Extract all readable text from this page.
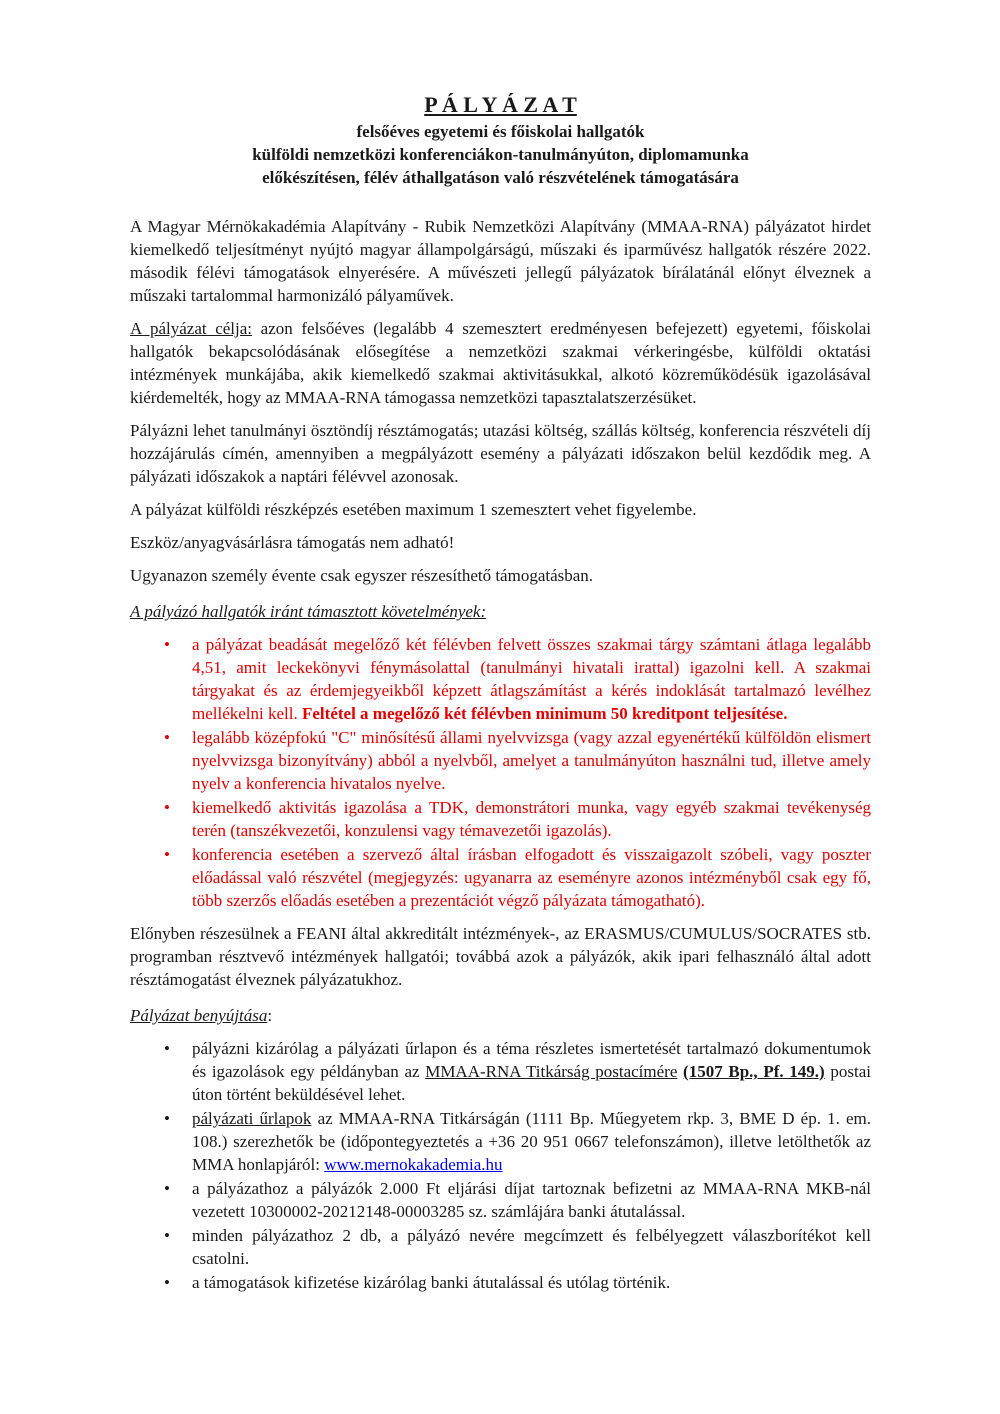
P Á L Y Á Z A T
felsőéves egyetemi és főiskolai hallgatók
külföldi nemzetközi konferenciákon-tanulmányúton, diplomamunka
előkészítésen, félév áthallgatáson való részvételének támogatására

A Magyar Mérnökakadémia Alapítvány - Rubik Nemzetközi Alapítvány (MMAA-RNA) pályázatot hirdet kiemelkedő teljesítményt nyújtó magyar állampolgárságú, műszaki és iparművész hallgatók részére 2022. második félévi támogatások elnyerésére. A művészeti jellegű pályázatok bírálatánál előnyt élveznek a műszaki tartalommal harmonizáló pályaművek.

A pályázat célja: azon felsőéves (legalább 4 szemesztert eredményesen befejezett) egyetemi, főiskolai hallgatók bekapcsolódásának elősegítése a nemzetközi szakmai vérkeringésbe, külföldi oktatási intézmények munkájába, akik kiemelkedő szakmai aktivitásukkal, alkotó közreműködésük igazolásával kiérdemelték, hogy az MMAA-RNA támogassa nemzetközi tapasztalatszerzésüket.

Pályázni lehet tanulmányi ösztöndíj résztámogatás; utazási költség, szállás költség, konferencia részvételi díj hozzájárulás címén, amennyiben a megpályázott esemény a pályázati időszakon belül kezdődik meg. A pályázati időszakok a naptári félévvel azonosak.

A pályázat külföldi részképzés esetében maximum 1 szemesztert vehet figyelembe.

Eszköz/anyagvásárlásra támogatás nem adható!

Ugyanazon személy évente csak egyszer részesíthető támogatásban.

A pályázó hallgatók iránt támasztott követelmények:

• a pályázat beadását megelőző két félévben felvett összes szakmai tárgy számtani átlaga legalább 4,51, amit leckekönyvi fénymásolattal (tanulmányi hivatali irattal) igazolni kell. A szakmai tárgyakat és az érdemjegyeikből képzett átlagszámítást a kérés indoklását tartalmazó levélhez mellékelni kell. Feltétel a megelőző két félévben minimum 50 kreditpont teljesítése.
• legalább középfokú "C" minősítésű állami nyelvvizsga (vagy azzal egyenértékű külföldön elismert nyelvvizsga bizonyítvány) abból a nyelvből, amelyet a tanulmányúton használni tud, illetve amely nyelv a konferencia hivatalos nyelve.
• kiemelkedő aktivitás igazolása a TDK, demonstrátori munka, vagy egyéb szakmai tevékenység terén (tanszékvezetői, konzulensi vagy témavezetői igazolás).
• konferencia esetében a szervező által írásban elfogadott és visszaigazolt szóbeli, vagy poszter előadással való részvétel (megjegyzés: ugyanarra az eseményre azonos intézményből csak egy fő, több szerzős előadás esetében a prezentációt végző pályázata támogatható).

Előnyben részesülnek a FEANI által akkreditált intézmények-, az ERASMUS/CUMULUS/SOCRATES stb. programban résztvevő intézmények hallgatói; továbbá azok a pályázók, akik ipari felhasználó által adott résztámogatást élveznek pályázatukhoz.

Pályázat benyújtása:

• pályázni kizárólag a pályázati űrlapon és a téma részletes ismertetését tartalmazó dokumentumok és igazolások egy példányban az MMAA-RNA Titkárság postacímére (1507 Bp., Pf. 149.) postai úton történt beküldésével lehet.
• pályázati űrlapok az MMAA-RNA Titkárságán (1111 Bp. Műegyetem rkp. 3, BME D ép. 1. em. 108.) szerezhetők be (időpontegyeztetés a +36 20 951 0667 telefonszámon), illetve letölthetők az MMA honlapjáról: www.mernokakademia.hu
• a pályázathoz a pályázók 2.000 Ft eljárási díjat tartoznak befizetni az MMAA-RNA MKB-nál vezetett 10300002-20212148-00003285 sz. számlájára banki átutalással.
• minden pályázathoz 2 db, a pályázó nevére megcímzett és felbélyegzett válaszborítékot kell csatolni.
• a támogatások kifizetése kizárólag banki átutalással és utólag történik.
